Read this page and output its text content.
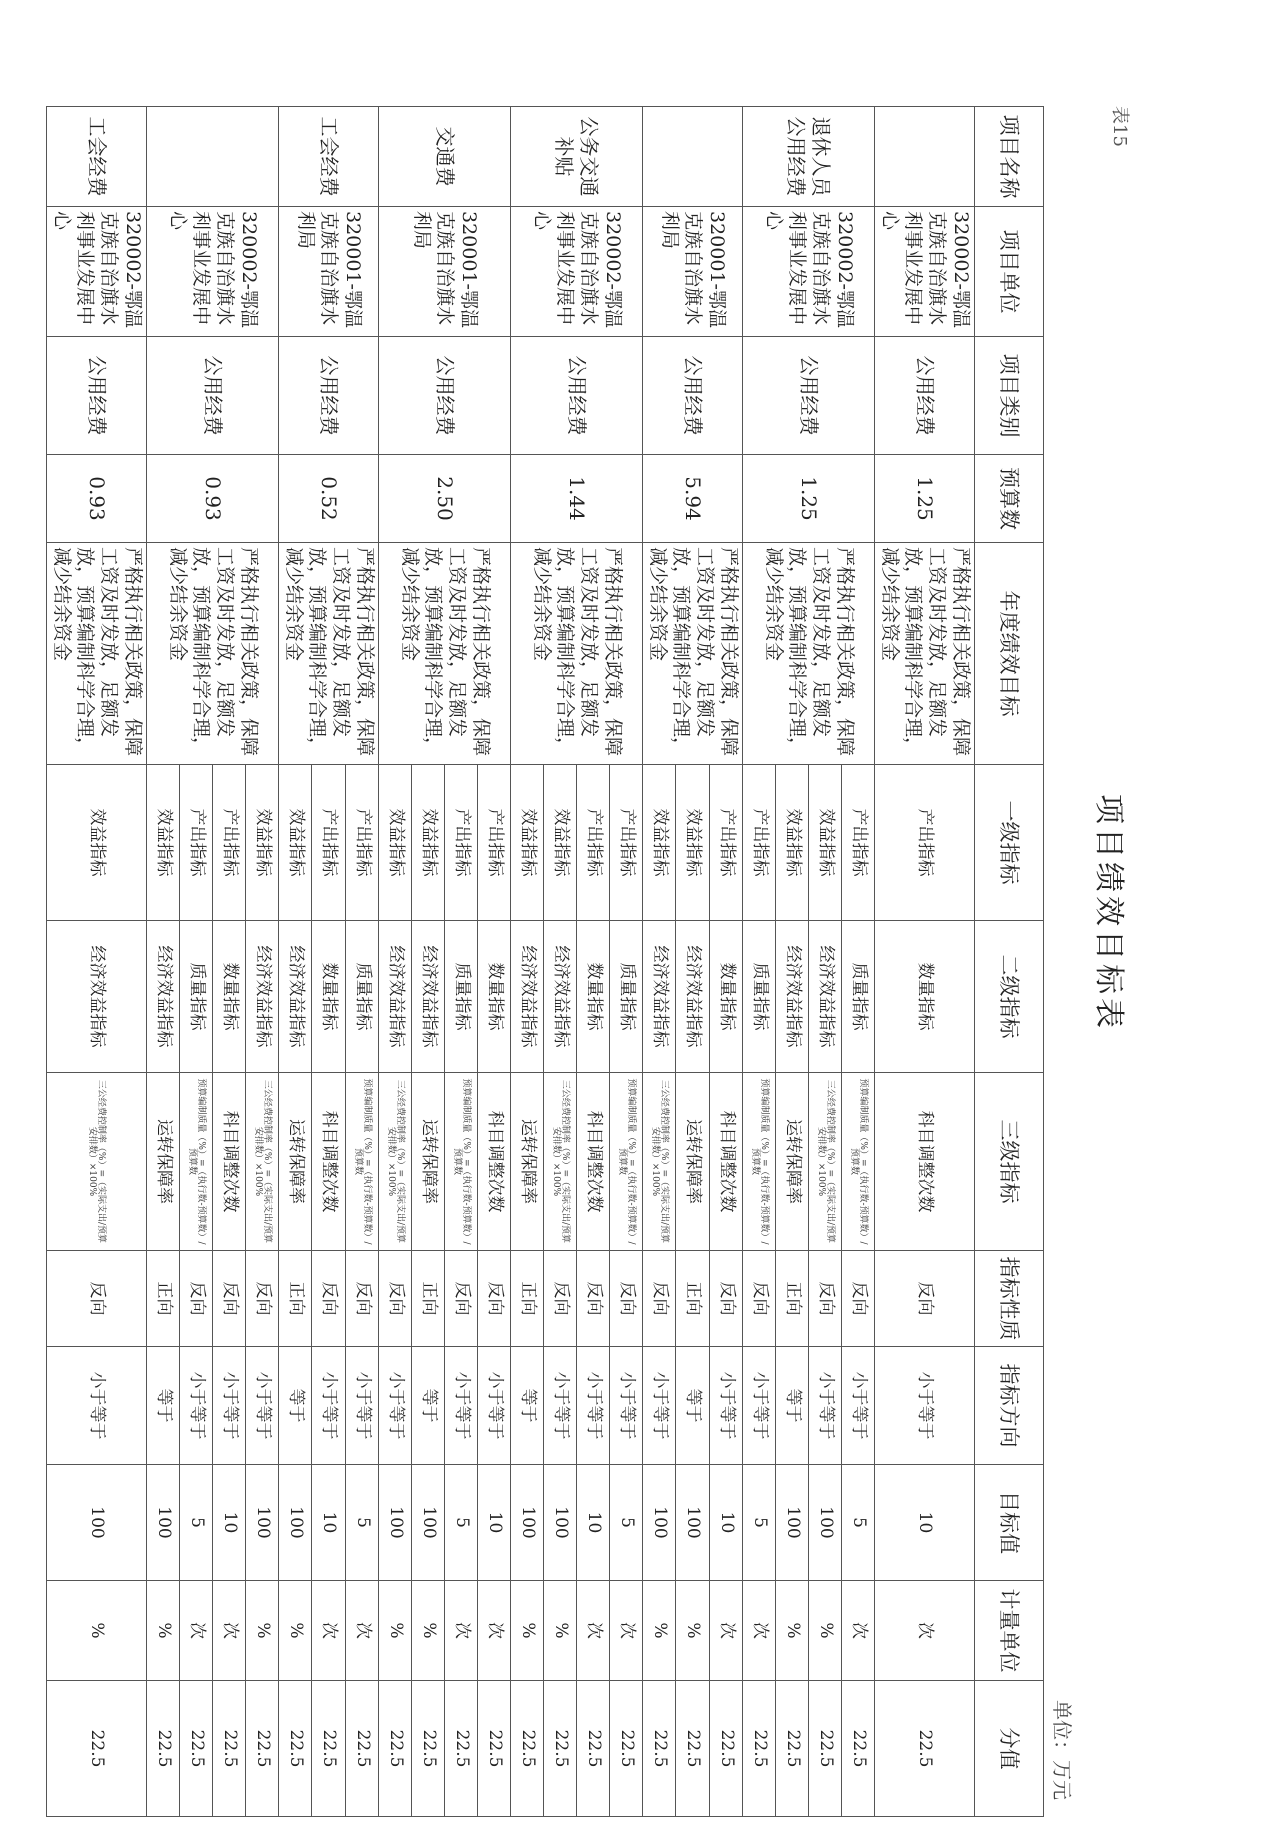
表15
项目绩效目标表
单位：万元
项目名称	项目单位	项目类别	预算数	年度绩效目标	一级指标	二级指标	三级指标	指标性质	指标方向	目标值	计量单位	分值
	320002-鄂温克族自治旗水利事业发展中心	公用经费	1.25	严格执行相关政策，保障工资及时发放，足额发放，预算编制科学合理，减少结余资金	产出指标	数量指标	科目调整次数	反向	小于等于	10	次	22.5
退休人员公用经费	320002-鄂温克族自治旗水利事业发展中心	公用经费	1.25	严格执行相关政策，保障工资及时发放，足额发放，预算编制科学合理，减少结余资金	产出指标	质量指标	预算编制质量（%）=（执行数-预算数）/预算数	反向	小于等于	5	次	22.5
					效益指标	经济效益指标	三公经费控制率（%）=（实际支出/预算安排数）×100%	反向	小于等于	100	%	22.5
					效益指标	经济效益指标	运转保障率	正向	等于	100	%	22.5
					产出指标	质量指标	预算编制质量（%）=（执行数-预算数）/预算数	反向	小于等于	5	次	22.5
	320001-鄂温克族自治旗水利局	公用经费	5.94	严格执行相关政策，保障工资及时发放，足额发放，预算编制科学合理，减少结余资金	产出指标	数量指标	科目调整次数	反向	小于等于	10	次	22.5
					效益指标	经济效益指标	运转保障率	正向	等于	100	%	22.5
					效益指标	经济效益指标	三公经费控制率（%）=（实际支出/预算安排数）×100%	反向	小于等于	100	%	22.5
公务交通补贴	320002-鄂温克族自治旗水利事业发展中心	公用经费	1.44	严格执行相关政策，保障工资及时发放，足额发放，预算编制科学合理，减少结余资金	产出指标	质量指标	预算编制质量（%）=（执行数-预算数）/预算数	反向	小于等于	5	次	22.5
					产出指标	数量指标	科目调整次数	反向	小于等于	10	次	22.5
					效益指标	经济效益指标	三公经费控制率（%）=（实际支出/预算安排数）×100%	反向	小于等于	100	%	22.5
					效益指标	经济效益指标	运转保障率	正向	等于	100	%	22.5
交通费	320001-鄂温克族自治旗水利局	公用经费	2.50	严格执行相关政策，保障工资及时发放，足额发放，预算编制科学合理，减少结余资金	产出指标	数量指标	科目调整次数	反向	小于等于	10	次	22.5
					产出指标	质量指标	预算编制质量（%）=（执行数-预算数）/预算数	反向	小于等于	5	次	22.5
					效益指标	经济效益指标	运转保障率	正向	等于	100	%	22.5
					效益指标	经济效益指标	三公经费控制率（%）=（实际支出/预算安排数）×100%	反向	小于等于	100	%	22.5
工会经费	320001-鄂温克族自治旗水利局	公用经费	0.52	严格执行相关政策，保障工资及时发放，足额发放，预算编制科学合理，减少结余资金	产出指标	质量指标	预算编制质量（%）=（执行数-预算数）/预算数	反向	小于等于	5	次	22.5
					产出指标	数量指标	科目调整次数	反向	小于等于	10	次	22.5
					效益指标	经济效益指标	运转保障率	正向	等于	100	%	22.5
	320002-鄂温克族自治旗水利事业发展中心	公用经费	0.93	严格执行相关政策，保障工资及时发放，足额发放，预算编制科学合理，减少结余资金	效益指标	经济效益指标	三公经费控制率（%）=（实际支出/预算安排数）×100%	反向	小于等于	100	%	22.5
					产出指标	数量指标	科目调整次数	反向	小于等于	10	次	22.5
					产出指标	质量指标	预算编制质量（%）=（执行数-预算数）/预算数	反向	小于等于	5	次	22.5
					效益指标	经济效益指标	运转保障率	正向	等于	100	%	22.5
工会经费	320002-鄂温克族自治旗水利事业发展中心	公用经费	0.93	严格执行相关政策，保障工资及时发放，足额发放，预算编制科学合理，减少结余资金	效益指标	经济效益指标	三公经费控制率（%）=（实际支出/预算安排数）×100%	反向	小于等于	100	%	22.5
